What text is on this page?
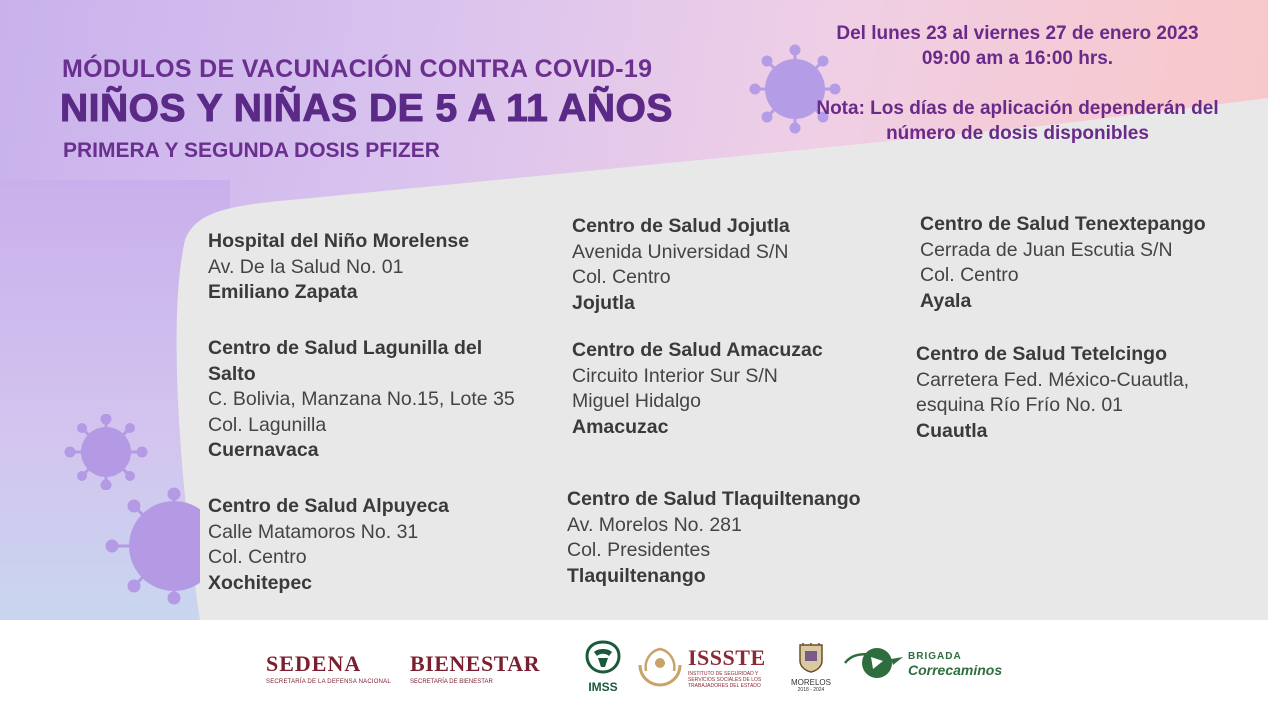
MÓDULOS DE VACUNACIÓN CONTRA COVID-19
NIÑOS Y NIÑAS DE 5 A 11 AÑOS
PRIMERA Y SEGUNDA DOSIS PFIZER
Del lunes 23 al viernes 27 de enero 2023
09:00 am a 16:00 hrs.
Nota: Los días de aplicación dependerán del
número de dosis disponibles
Hospital del Niño Morelense
Av. De la Salud No. 01
Emiliano Zapata
Centro de Salud Lagunilla del
Salto
C. Bolivia, Manzana No.15, Lote 35
Col. Lagunilla
Cuernavaca
Centro de Salud Alpuyeca
Calle Matamoros No. 31
Col. Centro
Xochitepec
Centro de Salud Jojutla
Avenida Universidad S/N
Col. Centro
Jojutla
Centro de Salud Amacuzac
Circuito Interior Sur S/N
Miguel Hidalgo
Amacuzac
Centro de Salud Tlaquiltenango
Av. Morelos No. 281
Col. Presidentes
Tlaquiltenango
Centro de Salud Tenextepango
Cerrada de Juan Escutia S/N
Col. Centro
Ayala
Centro de Salud Tetelcingo
Carretera Fed. México-Cuautla,
esquina Río Frío No. 01
Cuautla
SEDENA
SECRETARÍA DE LA DEFENSA NACIONAL
BIENESTAR
SECRETARÍA DE BIENESTAR	IMSS
ISSSTE
INSTITUTO DE SEGURIDAD Y SERVICIOS SOCIALES DE LOS TRABAJADORES DEL ESTADO	MORELOS
2018 - 2024
BRIGADA
Correcaminos
